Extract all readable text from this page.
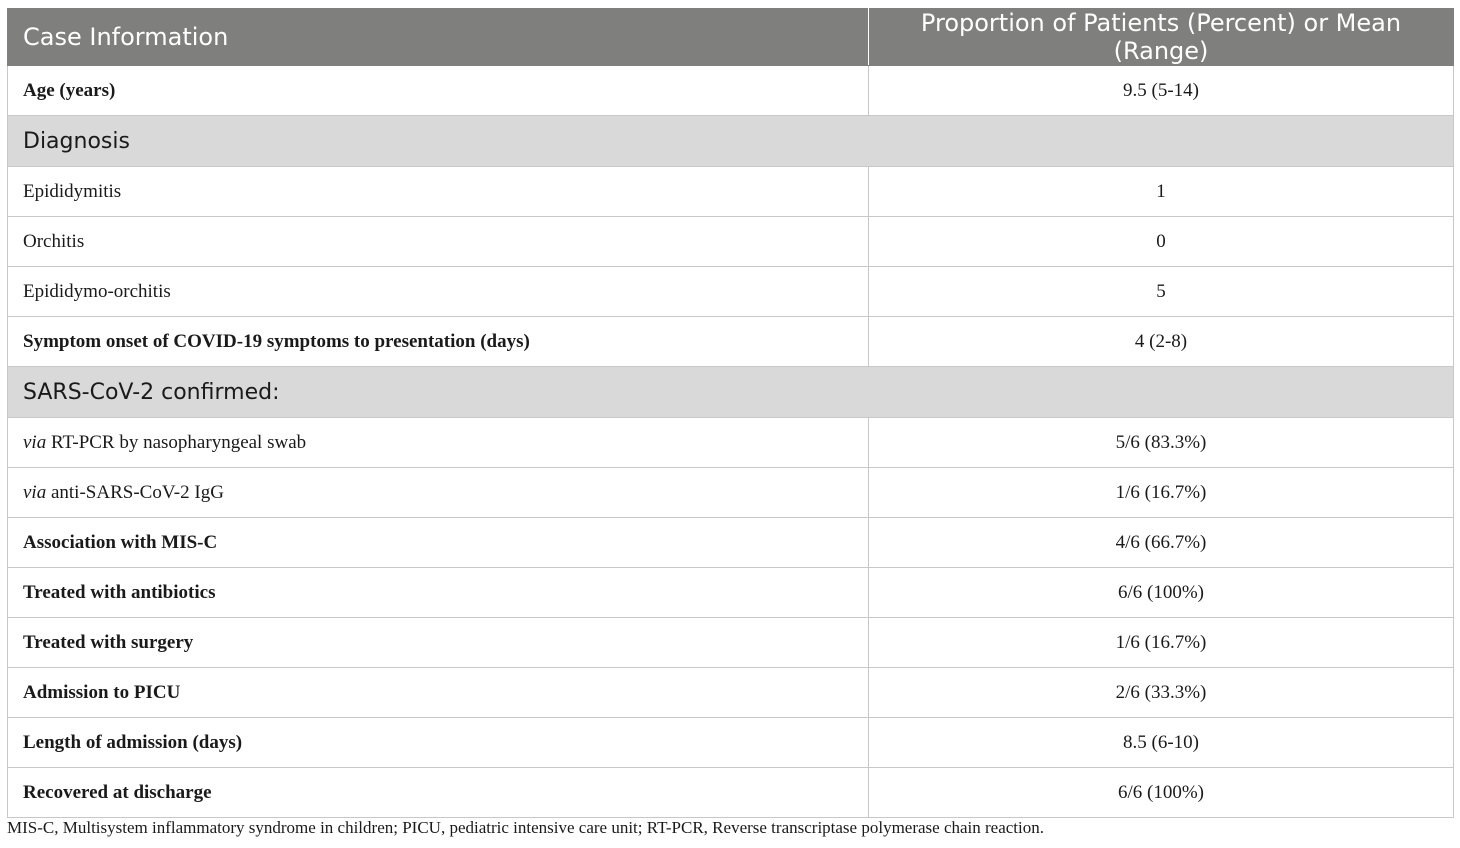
Case Information	Proportion of Patients (Percent) or Mean (Range)
Age (years)	9.5 (5-14)
Diagnosis	
Epididymitis	1
Orchitis	0
Epididymo-orchitis	5
Symptom onset of COVID-19 symptoms to presentation (days)	4 (2-8)
SARS-CoV-2 confirmed:	
via RT-PCR by nasopharyngeal swab	5/6 (83.3%)
via anti-SARS-CoV-2 IgG	1/6 (16.7%)
Association with MIS-C	4/6 (66.7%)
Treated with antibiotics	6/6 (100%)
Treated with surgery	1/6 (16.7%)
Admission to PICU	2/6 (33.3%)
Length of admission (days)	8.5 (6-10)
Recovered at discharge	6/6 (100%)
MIS-C, Multisystem inflammatory syndrome in children; PICU, pediatric intensive care unit; RT-PCR, Reverse transcriptase polymerase chain reaction.
